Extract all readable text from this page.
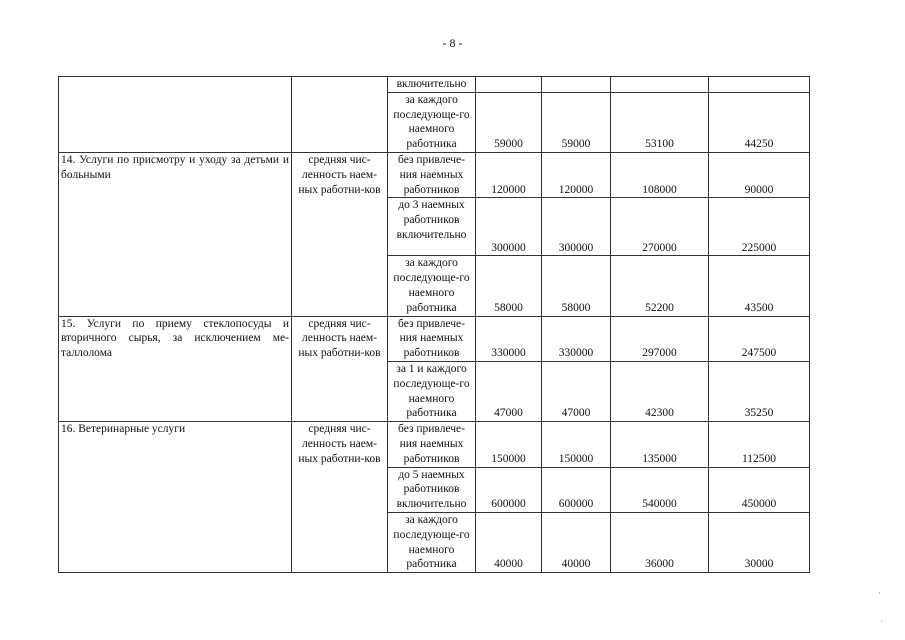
- 8 -
		включительно				
		за каждого последующе-го наемного работника	59000	59000	53100	44250
14. Услуги по присмотру и уходу за детьми и больными	средняя чис-ленность наем-ных работни-ков	без привлече-ния наемных работников	120000	120000	108000	90000
		до 3 наемных работников включительно	300000	300000	270000	225000
		за каждого последующе-го наемного работника	58000	58000	52200	43500
15. Услуги по приему стеклопосуды и вторичного сырья, за исключением ме-таллолома	средняя чис-ленность наем-ных работни-ков	без привлече-ния наемных работников	330000	330000	297000	247500
		за 1 и каждого последующе-го наемного работника	47000	47000	42300	35250
16. Ветеринарные услуги	средняя чис-ленность наем-ных работни-ков	без привлече-ния наемных работников	150000	150000	135000	112500
		до 5 наемных работников включительно	600000	600000	540000	450000
		за каждого последующе-го наемного работника	40000	40000	36000	30000
·
·
